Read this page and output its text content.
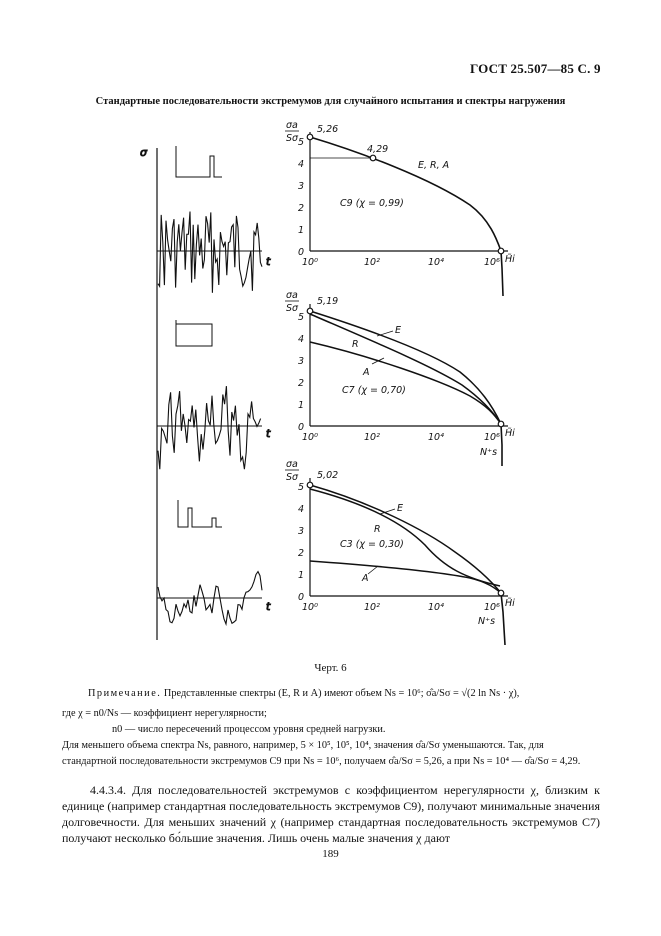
ГОСТ 25.507—85 С. 9
Стандартные последовательности экстремумов для случайного испытания и спектры нагружения
σ
t
t
t
σa
Sσ
0
1
2
3
4
5
10⁰	10²	10⁴	10⁶ H̃i
5,26
4,29
E, R, A
C9 (χ = 0,99)
σa
Sσ
0
1
2
3
4
5
10⁰	10²	10⁴	10⁶ H̃i
5,19
E
R
A
C7 (χ = 0,70)
N⁺s
σa
Sσ
0
1
2
3
4
5
10⁰	10²	10⁴	10⁶ H̃i
5,02
E
R
A
C3 (χ = 0,30)
N⁺s
Черт. 6
Примечание. Представленные спектры (E, R и A) имеют объем Ns = 10⁶; σ̂a/Sσ = √(2 ln Ns · χ),
где χ = n0/Ns — коэффициент нерегулярности;
n0 — число пересечений процессом уровня средней нагрузки.
Для меньшего объема спектра Ns, равного, например, 5 × 10⁵, 10⁵, 10⁴, значения σ̂a/Sσ уменьшаются. Так, для
стандартной последовательности экстремумов C9 при Ns = 10⁶, получаем σ̂a/Sσ = 5,26, а при Ns = 10⁴ — σ̂a/Sσ = 4,29.
4.4.3.4. Для последовательностей экстремумов с коэффициентом нерегулярности χ, близким к единице (например стандартная последовательность экстремумов C9), получают минимальные значения долговечности. Для меньших значений χ (например стандартная последовательность экстремумов C7) получают несколько бо́льшие значения. Лишь очень малые значения χ дают
189
